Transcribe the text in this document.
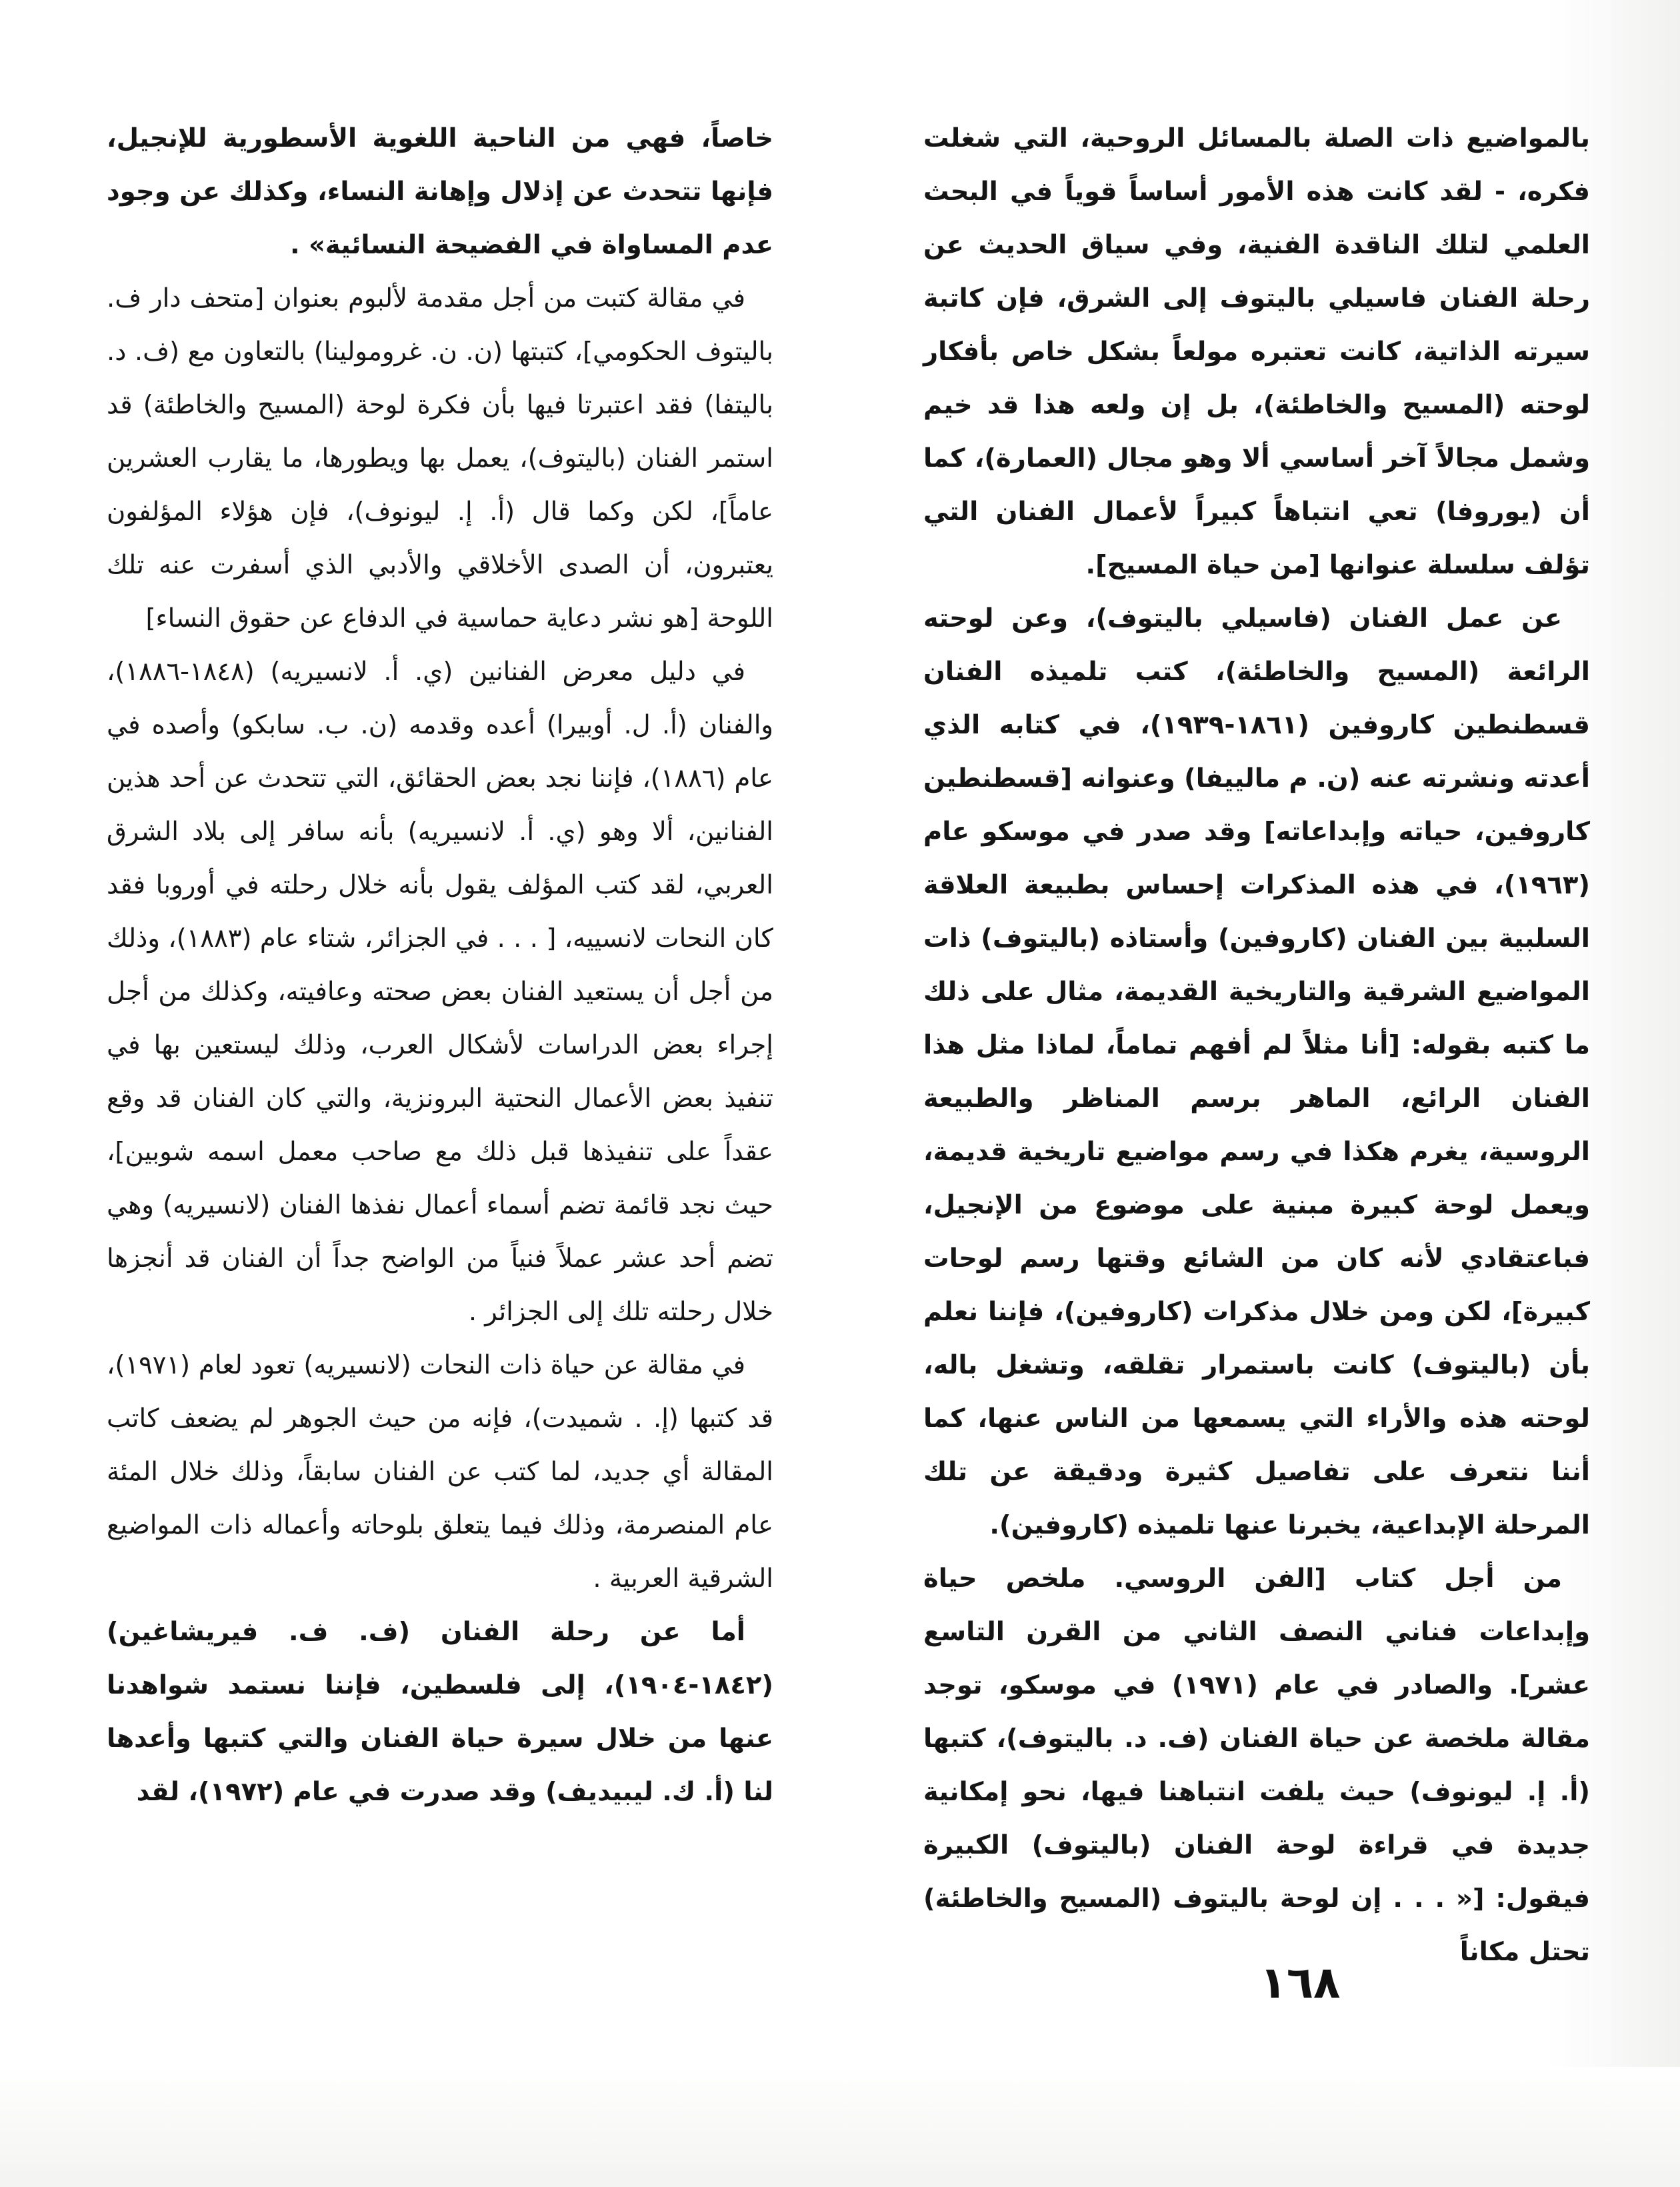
بالمواضيع ذات الصلة بالمسائل الروحية، التي شغلت فكره، - لقد كانت هذه الأمور أساساً قوياً في البحث العلمي لتلك الناقدة الفنية، وفي سياق الحديث عن رحلة الفنان فاسيلي باليتوف إلى الشرق، فإن كاتبة سيرته الذاتية، كانت تعتبره مولعاً بشكل خاص بأفكار لوحته (المسيح والخاطئة)، بل إن ولعه هذا قد خيم وشمل مجالاً آخر أساسي ألا وهو مجال (العمارة)، كما أن (يوروفا) تعي انتباهاً كبيراً لأعمال الفنان التي تؤلف سلسلة عنوانها [من حياة المسيح].

عن عمل الفنان (فاسيلي باليتوف)، وعن لوحته الرائعة (المسيح والخاطئة)، كتب تلميذه الفنان قسطنطين كاروفين (١٨٦١-١٩٣٩)، في كتابه الذي أعدته ونشرته عنه (ن. م مالييفا) وعنوانه [قسطنطين كاروفين، حياته وإبداعاته] وقد صدر في موسكو عام (١٩٦٣)، في هذه المذكرات إحساس بطبيعة العلاقة السلبية بين الفنان (كاروفين) وأستاذه (باليتوف) ذات المواضيع الشرقية والتاريخية القديمة، مثال على ذلك ما كتبه بقوله: [أنا مثلاً لم أفهم تماماً، لماذا مثل هذا الفنان الرائع، الماهر برسم المناظر والطبيعة الروسية، يغرم هكذا في رسم مواضيع تاريخية قديمة، ويعمل لوحة كبيرة مبنية على موضوع من الإنجيل، فباعتقادي لأنه كان من الشائع وقتها رسم لوحات كبيرة]، لكن ومن خلال مذكرات (كاروفين)، فإننا نعلم بأن (باليتوف) كانت باستمرار تقلقه، وتشغل باله، لوحته هذه والأراء التي يسمعها من الناس عنها، كما أننا نتعرف على تفاصيل كثيرة ودقيقة عن تلك المرحلة الإبداعية، يخبرنا عنها تلميذه (كاروفين).

من أجل كتاب [الفن الروسي. ملخص حياة وإبداعات فناني النصف الثاني من القرن التاسع عشر]. والصادر في عام (١٩٧١) في موسكو، توجد مقالة ملخصة عن حياة الفنان (ف. د. باليتوف)، كتبها (أ. إ. ليونوف) حيث يلفت انتباهنا فيها، نحو إمكانية جديدة في قراءة لوحة الفنان (باليتوف) الكبيرة فيقول: [« . . . إن لوحة باليتوف (المسيح والخاطئة) تحتل مكاناً

خاصاً، فهي من الناحية اللغوية الأسطورية للإنجيل، فإنها تتحدث عن إذلال وإهانة النساء، وكذلك عن وجود عدم المساواة في الفضيحة النسائية» .

في مقالة كتبت من أجل مقدمة لألبوم بعنوان [متحف دار ف. باليتوف الحكومي]، كتبتها (ن. ن. غرومولينا) بالتعاون مع (ف. د. باليتفا) فقد اعتبرتا فيها بأن فكرة لوحة (المسيح والخاطئة) قد استمر الفنان (باليتوف)، يعمل بها ويطورها، ما يقارب العشرين عاماً]، لكن وكما قال (أ. إ. ليونوف)، فإن هؤلاء المؤلفون يعتبرون، أن الصدى الأخلاقي والأدبي الذي أسفرت عنه تلك اللوحة [هو نشر دعاية حماسية في الدفاع عن حقوق النساء]

في دليل معرض الفنانين (ي. أ. لانسيريه) (١٨٤٨-١٨٨٦)، والفنان (أ. ل. أوبيرا) أعده وقدمه (ن. ب. سابكو) وأصده في عام (١٨٨٦)، فإننا نجد بعض الحقائق، التي تتحدث عن أحد هذين الفنانين، ألا وهو (ي. أ. لانسيريه) بأنه سافر إلى بلاد الشرق العربي، لقد كتب المؤلف يقول بأنه خلال رحلته في أوروبا فقد كان النحات لانسييه، [ . . . في الجزائر، شتاء عام (١٨٨٣)، وذلك من أجل أن يستعيد الفنان بعض صحته وعافيته، وكذلك من أجل إجراء بعض الدراسات لأشكال العرب، وذلك ليستعين بها في تنفيذ بعض الأعمال النحتية البرونزية، والتي كان الفنان قد وقع عقداً على تنفيذها قبل ذلك مع صاحب معمل اسمه شوبين]، حيث نجد قائمة تضم أسماء أعمال نفذها الفنان (لانسيريه) وهي تضم أحد عشر عملاً فنياً من الواضح جداً أن الفنان قد أنجزها خلال رحلته تلك إلى الجزائر .

في مقالة عن حياة ذات النحات (لانسيريه) تعود لعام (١٩٧١)، قد كتبها (إ. . شميدت)، فإنه من حيث الجوهر لم يضعف كاتب المقالة أي جديد، لما كتب عن الفنان سابقاً، وذلك خلال المئة عام المنصرمة، وذلك فيما يتعلق بلوحاته وأعماله ذات المواضيع الشرقية العربية .

أما عن رحلة الفنان (ف. ف. فيريشاغين) (١٨٤٢-١٩٠٤)، إلى فلسطين، فإننا نستمد شواهدنا عنها من خلال سيرة حياة الفنان والتي كتبها وأعدها لنا (أ. ك. ليبيديف) وقد صدرت في عام (١٩٧٢)، لقد

١٦٨
